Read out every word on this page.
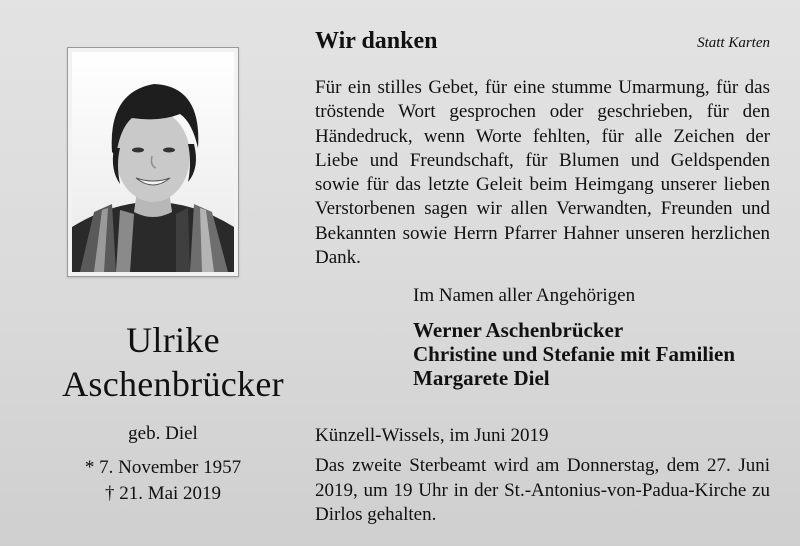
Ulrike
Aschenbrücker
geb. Diel
* 7. November 1957
† 21. Mai 2019
Wir danken	Statt Karten
Für ein stilles Gebet, für eine stumme Umarmung, für das tröstende Wort gesprochen oder geschrieben, für den Händedruck, wenn Worte fehlten, für alle Zeichen der Liebe und Freundschaft, für Blumen und Geldspenden sowie für das letzte Geleit beim Heimgang unserer lieben Verstorbenen sagen wir allen Verwandten, Freunden und Bekannten sowie Herrn Pfarrer Hahner unseren herzlichen Dank.
Im Namen aller Angehörigen
Werner Aschenbrücker
Christine und Stefanie mit Familien
Margarete Diel
Künzell-Wissels, im Juni 2019
Das zweite Sterbeamt wird am Donnerstag, dem 27. Juni 2019, um 19 Uhr in der St.-Antonius-von-Padua-Kirche zu Dirlos gehalten.
